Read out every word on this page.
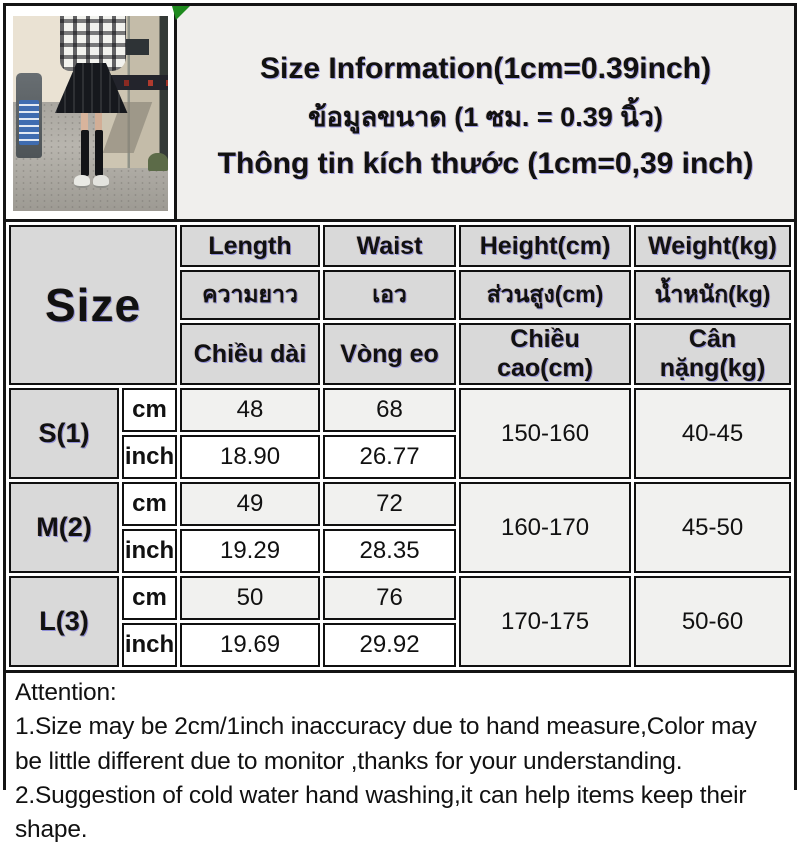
Size Information(1cm=0.39inch)
ข้อมูลขนาด (1 ซม. = 0.39 นิ้ว)
Thông tin kích thước (1cm=0,39 inch)
Size		Length	Waist	Height(cm)	Weight(kg)
		ความยาว	เอว	ส่วนสูง(cm)	น้ำหนัก(kg)
		Chiều dài	Vòng eo	Chiều cao(cm)	Cân nặng(kg)
S(1)	cm	48	68	150-160	40-45
	inch	18.90	26.77		
M(2)	cm	49	72	160-170	45-50
	inch	19.29	28.35		
L(3)	cm	50	76	170-175	50-60
	inch	19.69	29.92		

Attention:

1.Size may be 2cm/1inch inaccuracy due to hand measure,Color may be little different due to monitor ,thanks for your understanding.

2.Suggestion of cold water hand washing,it can help items keep their shape.
